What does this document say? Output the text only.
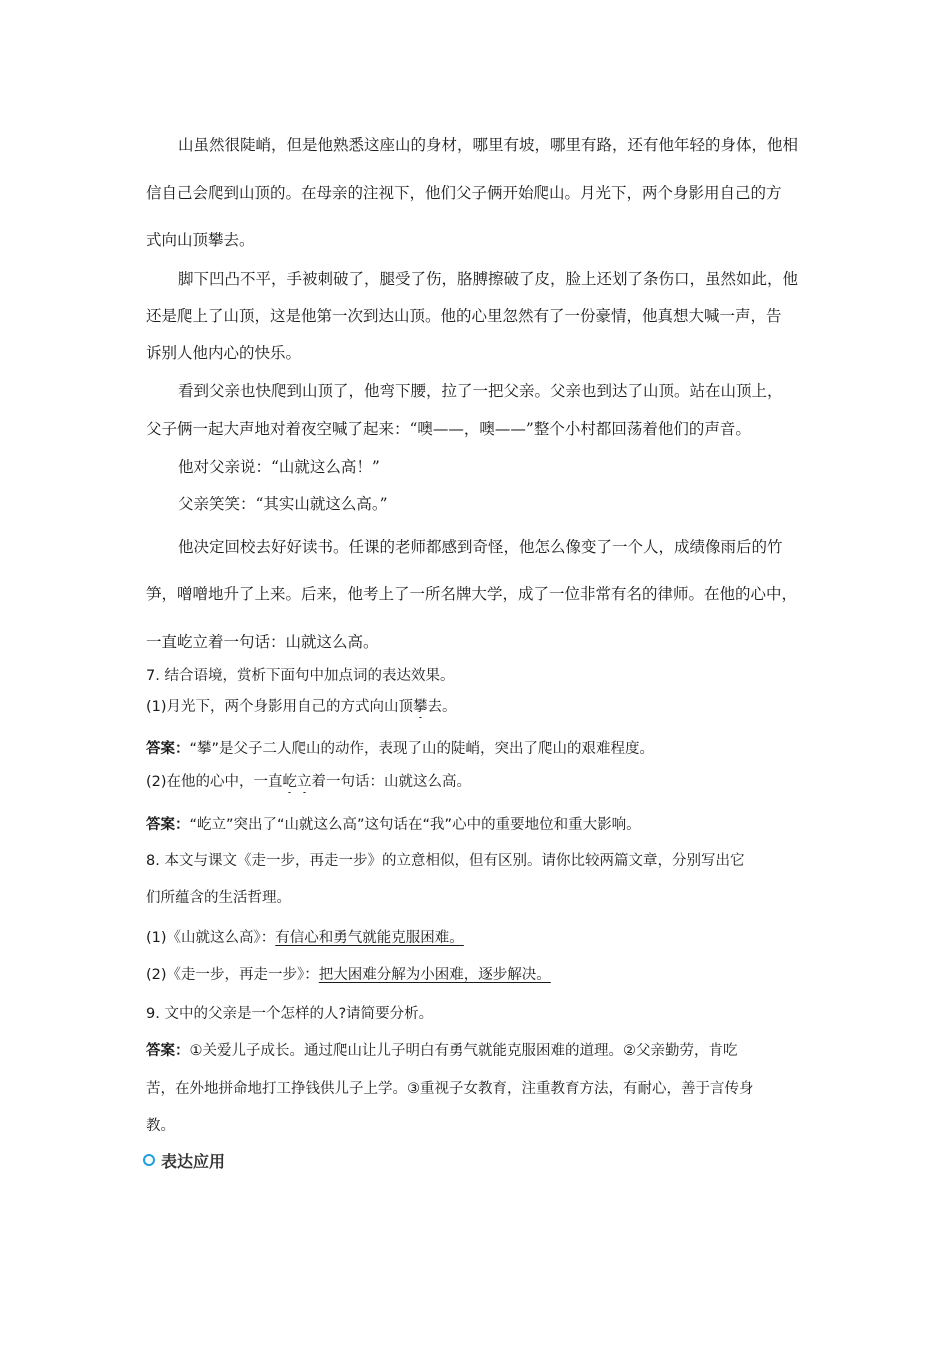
山虽然很陡峭，但是他熟悉这座山的身材，哪里有坡，哪里有路，还有他年轻的身体，他相
信自己会爬到山顶的。在母亲的注视下，他们父子俩开始爬山。月光下，两个身影用自己的方
式向山顶攀去。
脚下凹凸不平，手被刺破了，腿受了伤，胳膊擦破了皮，脸上还划了条伤口，虽然如此，他
还是爬上了山顶，这是他第一次到达山顶。他的心里忽然有了一份豪情，他真想大喊一声，告
诉别人他内心的快乐。
看到父亲也快爬到山顶了，他弯下腰，拉了一把父亲。父亲也到达了山顶。站在山顶上，
父子俩一起大声地对着夜空喊了起来：“噢——，噢——”整个小村都回荡着他们的声音。
他对父亲说：“山就这么高！”
父亲笑笑：“其实山就这么高。”
他决定回校去好好读书。任课的老师都感到奇怪，他怎么像变了一个人，成绩像雨后的竹
笋，噌噌地升了上来。后来，他考上了一所名牌大学，成了一位非常有名的律师。在他的心中，
一直屹立着一句话：山就这么高。
7. 结合语境，赏析下面句中加点词的表达效果。
(1)月光下，两个身影用自己的方式向山顶攀去。
答案：“攀”是父子二人爬山的动作，表现了山的陡峭，突出了爬山的艰难程度。
(2)在他的心中，一直屹立着一句话：山就这么高。
答案：“屹立”突出了“山就这么高”这句话在“我”心中的重要地位和重大影响。
8. 本文与课文《走一步，再走一步》的立意相似，但有区别。请你比较两篇文章，分别写出它
们所蕴含的生活哲理。
(1)《山就这么高》：有信心和勇气就能克服困难。
(2)《走一步，再走一步》：把大困难分解为小困难，逐步解决。
9. 文中的父亲是一个怎样的人?请简要分析。
答案：①关爱儿子成长。通过爬山让儿子明白有勇气就能克服困难的道理。②父亲勤劳，肯吃
苦，在外地拼命地打工挣钱供儿子上学。③重视子女教育，注重教育方法，有耐心，善于言传身
教。
表达应用
